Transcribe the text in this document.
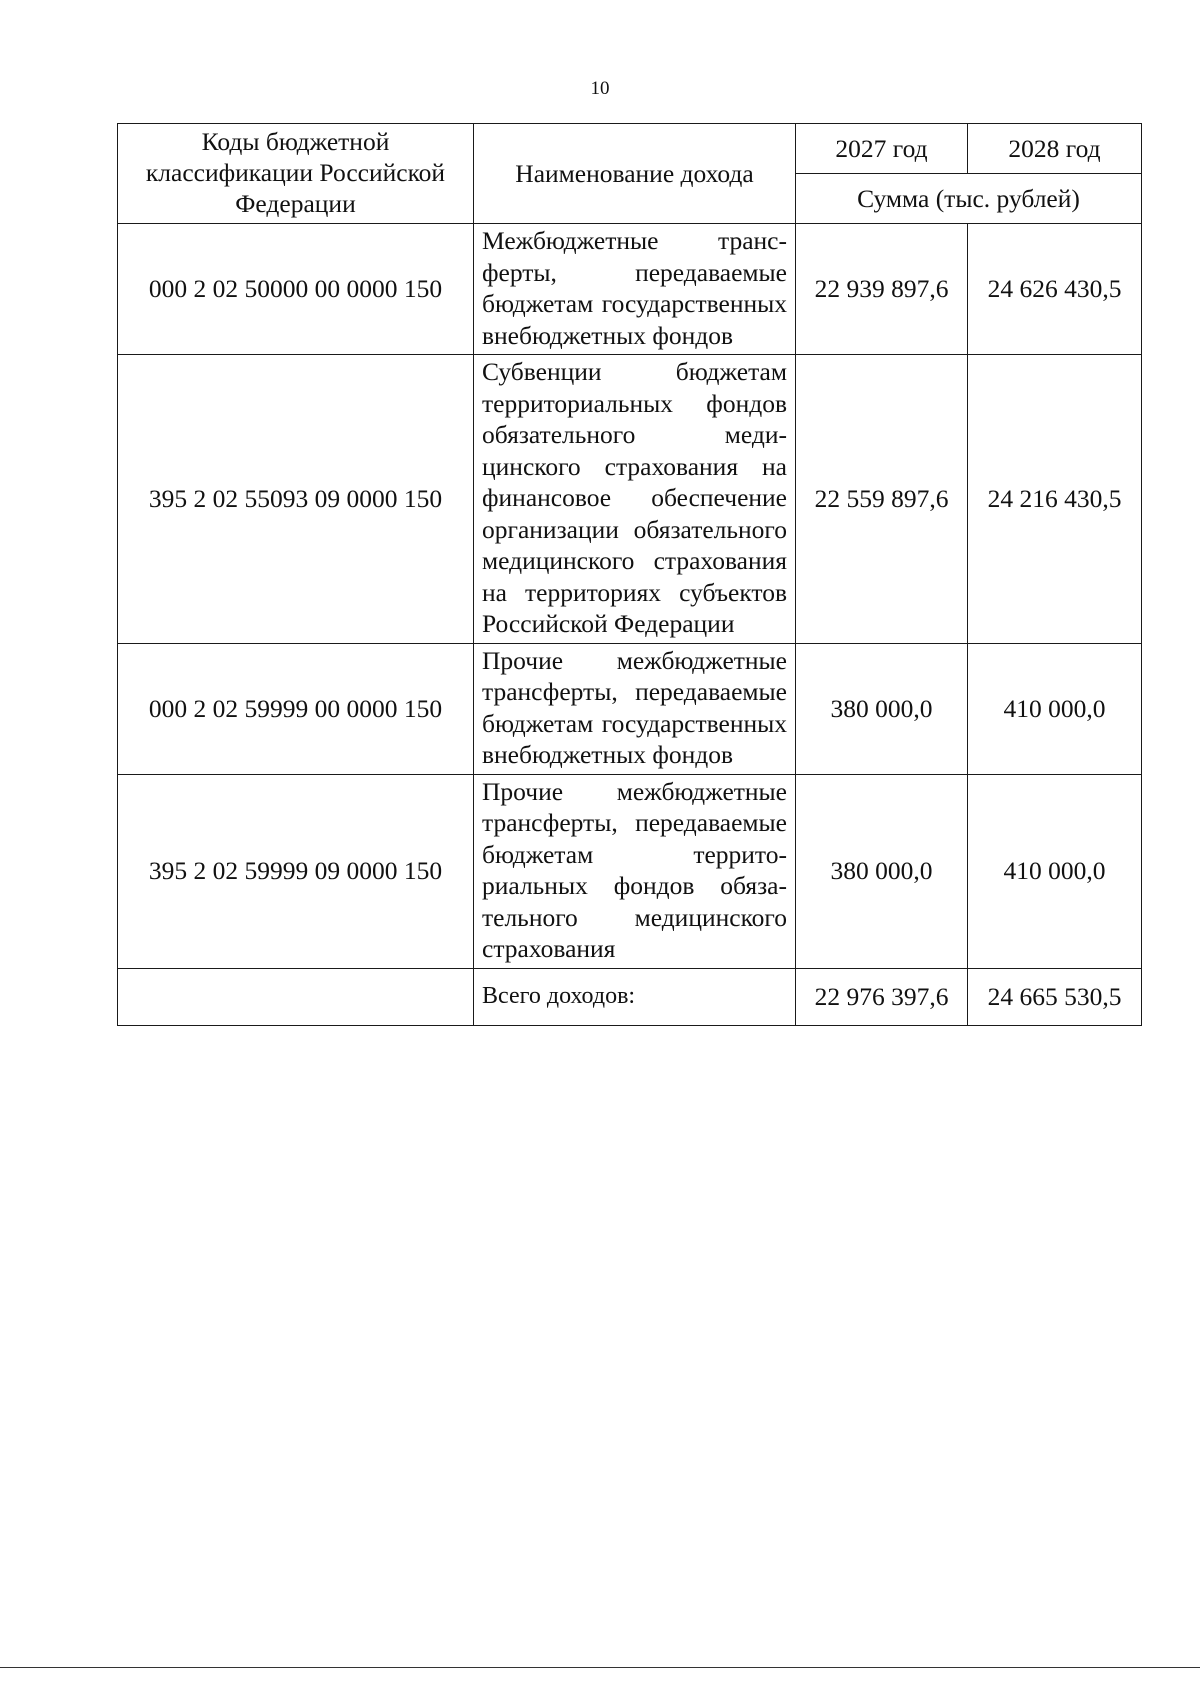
10
Коды бюджетной классификации Российской Федерации	Наименование дохода	2027 год	2028 год
		Сумма (тыс. рублей)	
000 2 02 50000 00 0000 150	Межбюджетные трансферты, передаваемые бюджетам государственных внебюджетных фондов	22 939 897,6	24 626 430,5
395 2 02 55093 09 0000 150	Субвенции бюджетам территориальных фондов обязательного медицинского страхования на финансовое обеспечение организации обязательного медицинского страхования на территориях субъектов Российской Федерации	22 559 897,6	24 216 430,5
000 2 02 59999 00 0000 150	Прочие межбюджетные трансферты, передаваемые бюджетам государственных внебюджетных фондов	380 000,0	410 000,0
395 2 02 59999 09 0000 150	Прочие межбюджетные трансферты, передаваемые бюджетам территориальных фондов обязательного медицинского страхования	380 000,0	410 000,0
	Всего доходов:	22 976 397,6	24 665 530,5
